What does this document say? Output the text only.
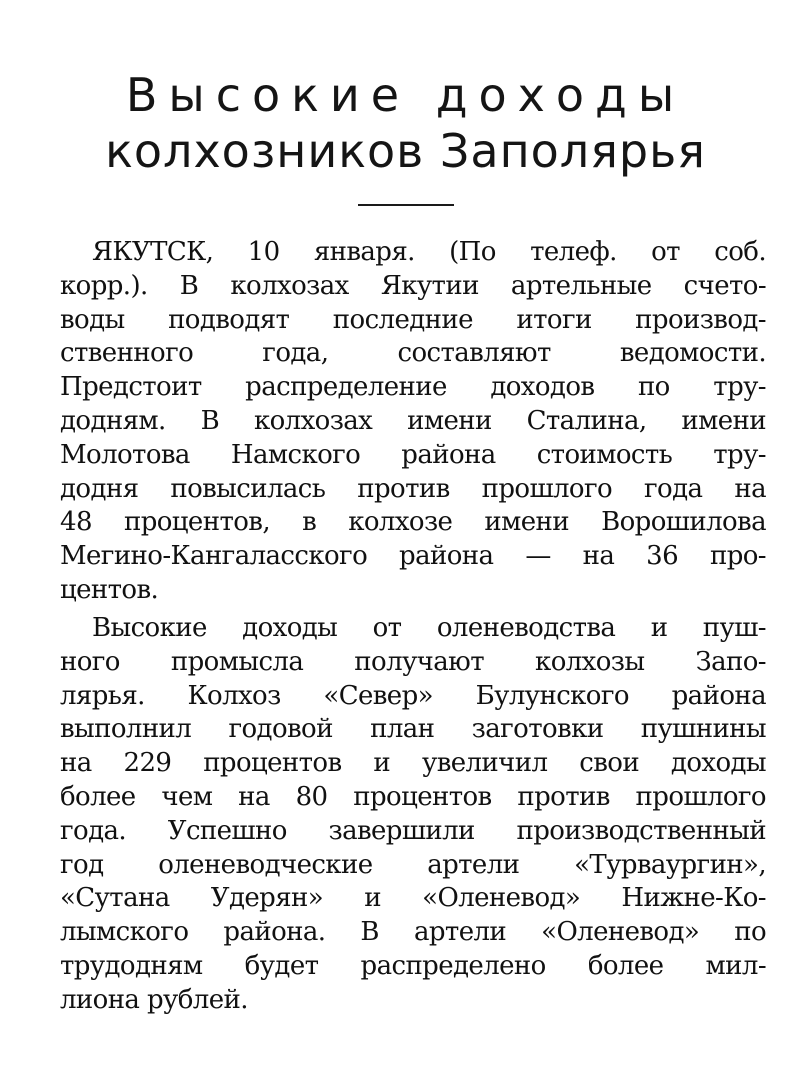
Высокие доходы
колхозников Заполярья
ЯКУТСК, 10 января. (По телеф. от соб.
корр.). В колхозах Якутии артельные счето-
воды подводят последние итоги производ-
ственного года, составляют ведомости.
Предстоит распределение доходов по тру-
додням. В колхозах имени Сталина, имени
Молотова Намского района стоимость тру-
додня повысилась против прошлого года на
48 процентов, в колхозе имени Ворошилова
Мегино-Кангаласского района — на 36 про-
центов.
Высокие доходы от оленеводства и пуш-
ного промысла получают колхозы Запо-
лярья. Колхоз «Север» Булунского района
выполнил годовой план заготовки пушнины
на 229 процентов и увеличил свои доходы
более чем на 80 процентов против прошлого
года. Успешно завершили производственный
год оленеводческие артели «Турваургин»,
«Сутана Удерян» и «Оленевод» Нижне-Ко-
лымского района. В артели «Оленевод» по
трудодням будет распределено более мил-
лиона рублей.
